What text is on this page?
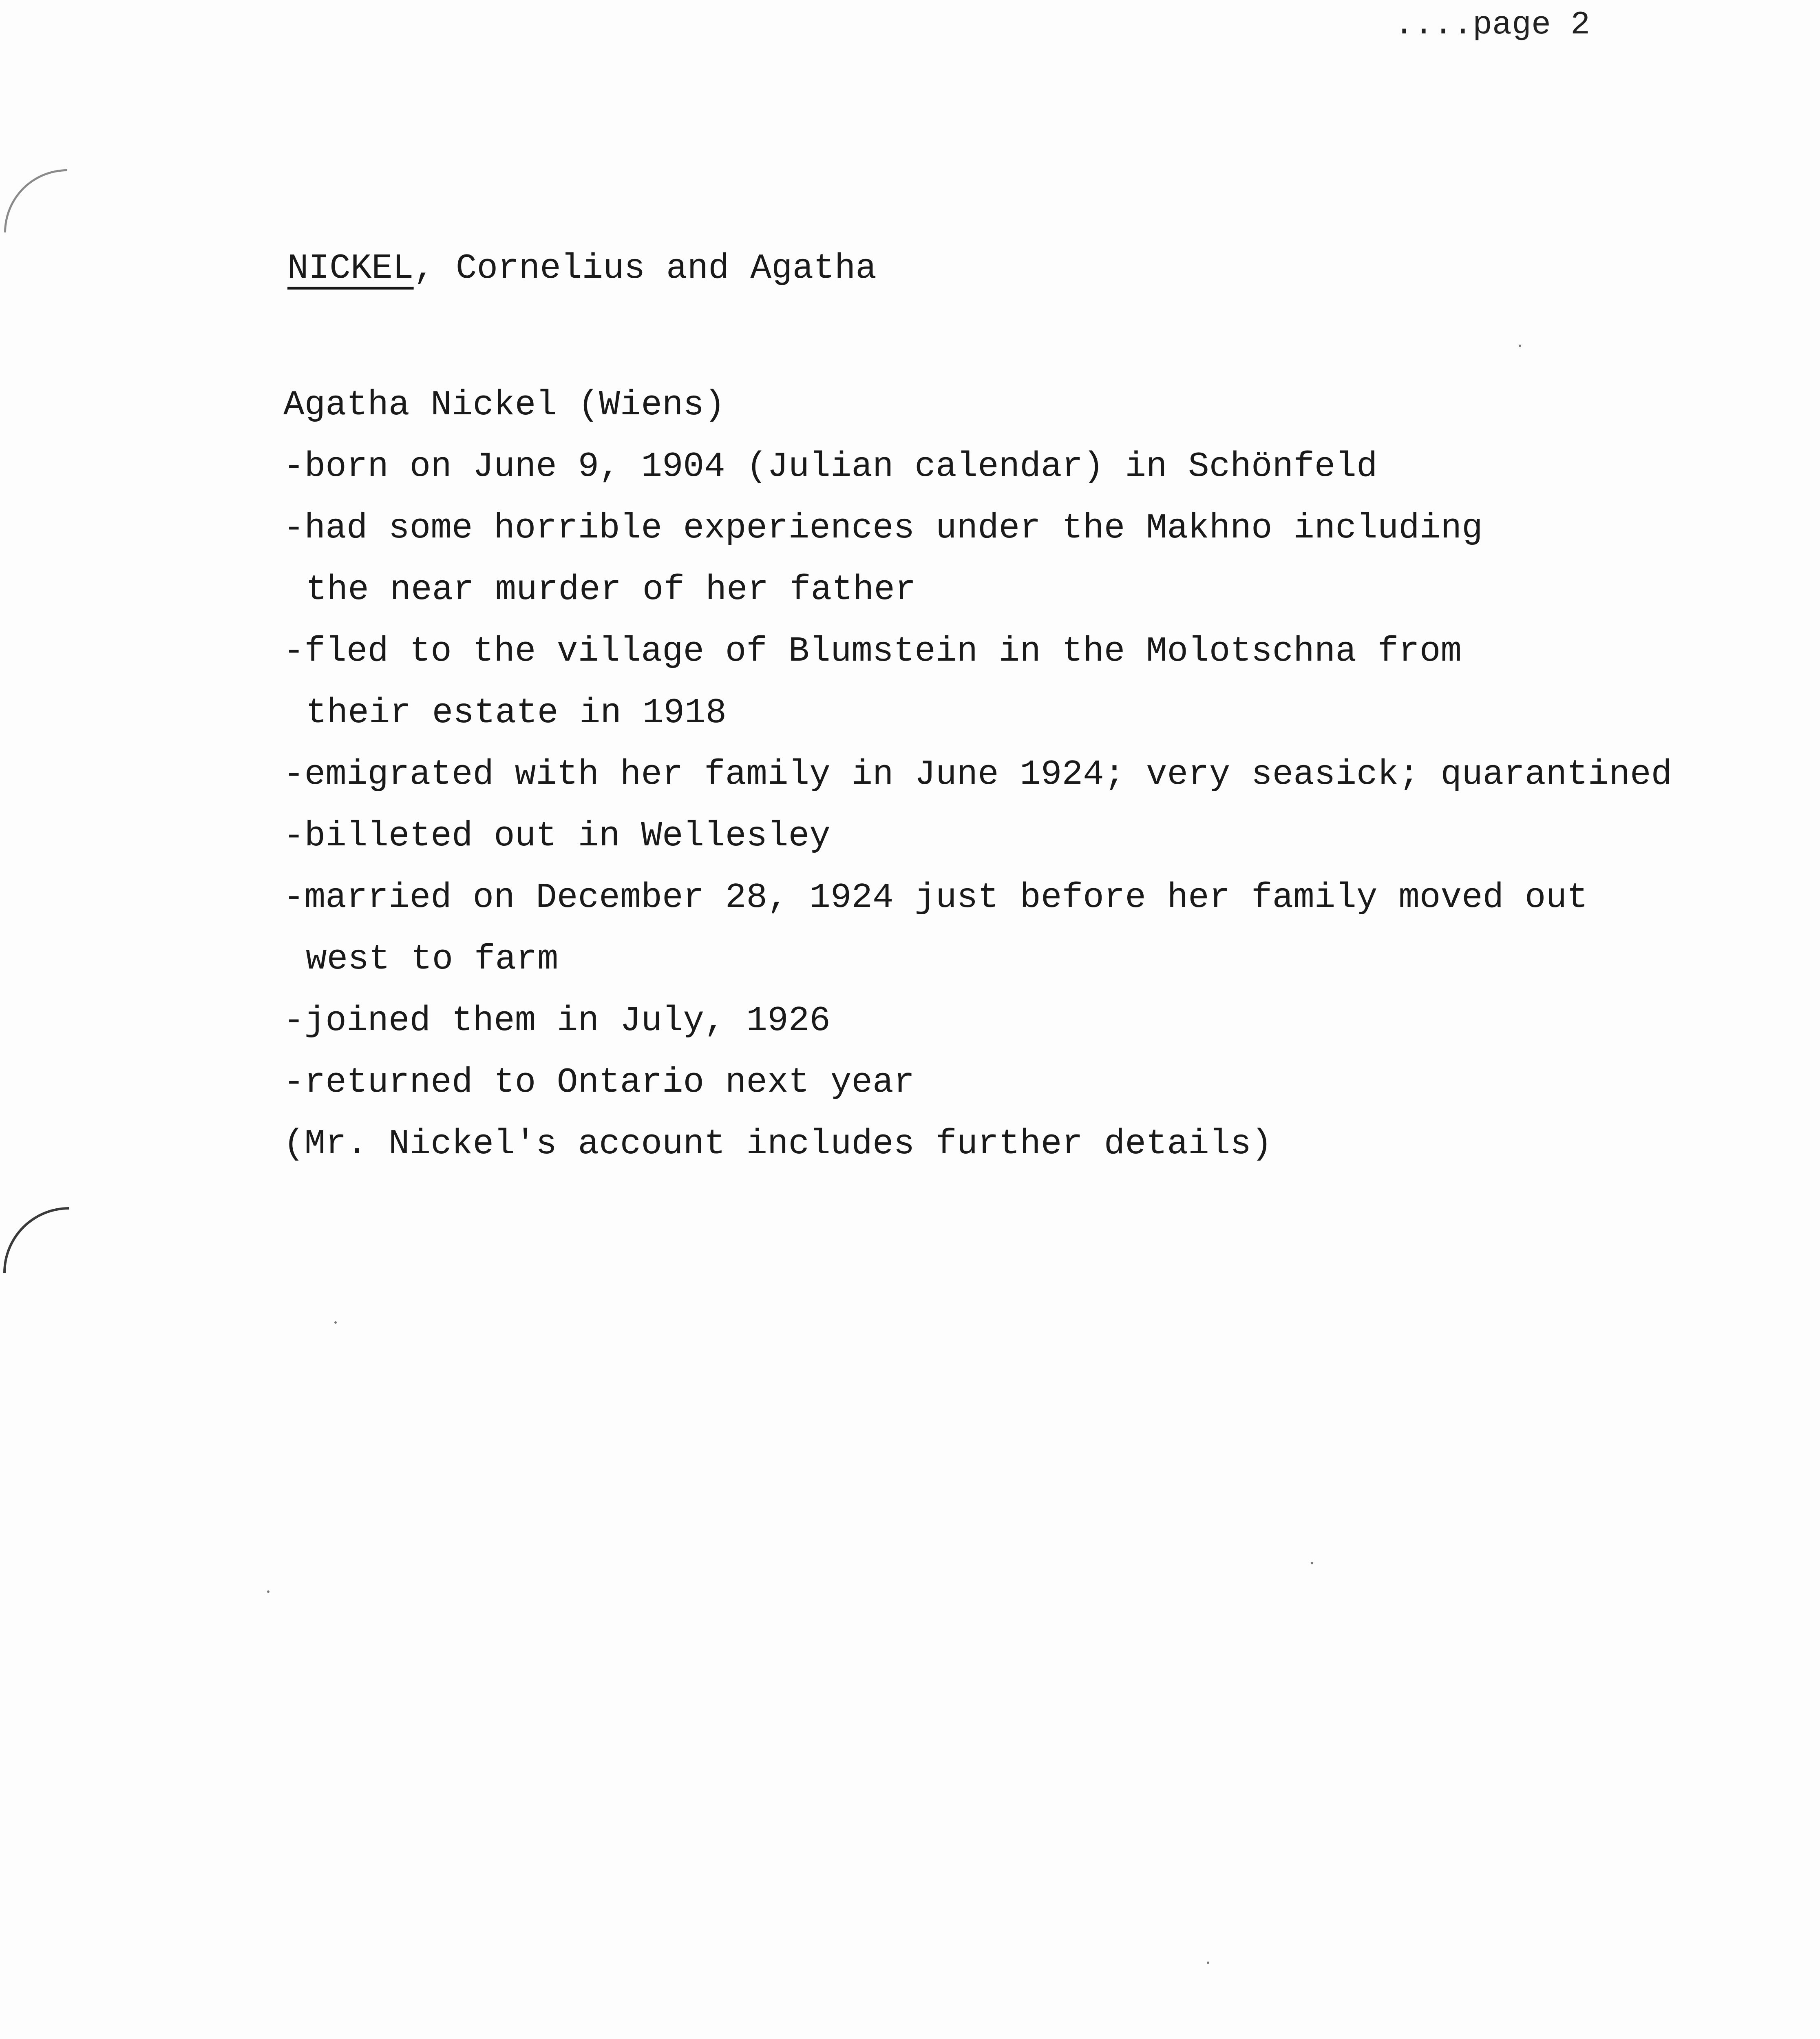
....page 2
NICKEL, Cornelius and Agatha
Agatha Nickel (Wiens)
-born on June 9, 1904 (Julian calendar) in Schönfeld
-had some horrible experiences under the Makhno including
the near murder of her father
-fled to the village of Blumstein in the Molotschna from
their estate in 1918
-emigrated with her family in June 1924; very seasick; quarantined
-billeted out in Wellesley
-married on December 28, 1924 just before her family moved out
west to farm
-joined them in July, 1926
-returned to Ontario next year
(Mr. Nickel's account includes further details)
